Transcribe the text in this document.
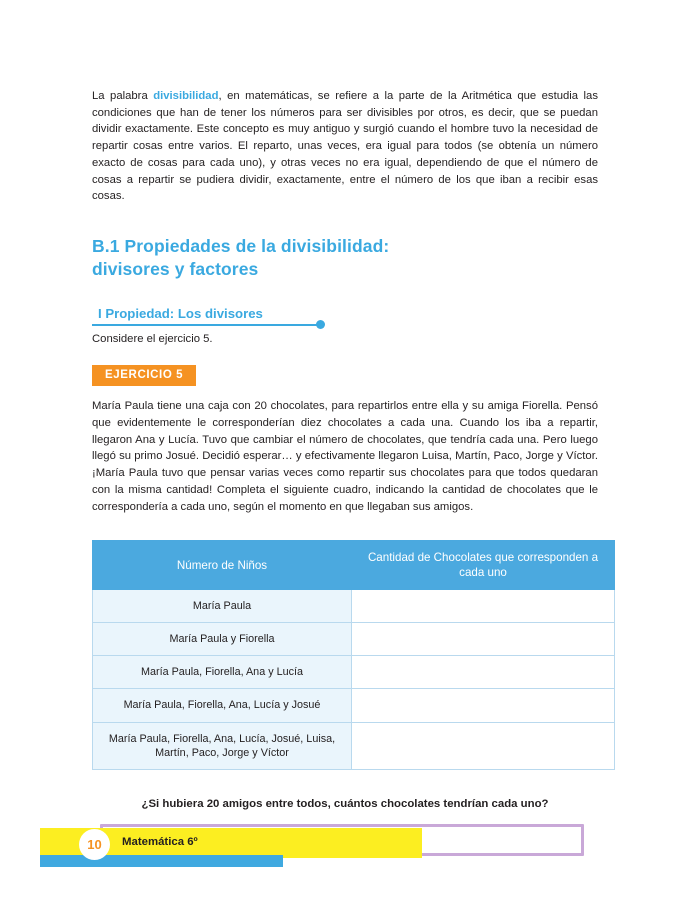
La palabra divisibilidad, en matemáticas, se refiere a la parte de la Aritmética que estudia las condiciones que han de tener los números para ser divisibles por otros, es decir, que se puedan dividir exactamente. Este concepto es muy antiguo y surgió cuando el hombre tuvo la necesidad de repartir cosas entre varios. El reparto, unas veces, era igual para todos (se obtenía un número exacto de cosas para cada uno), y otras veces no era igual, dependiendo de que el número de cosas a repartir se pudiera dividir, exactamente, entre el número de los que iban a recibir esas cosas.

B.1 Propiedades de la divisibilidad:
divisores y factores
I Propiedad: Los divisores

Considere el ejercicio 5.

EJERCICIO 5

María Paula tiene una caja con 20 chocolates, para repartirlos entre ella y su amiga Fiorella. Pensó que evidentemente le corresponderían diez chocolates a cada una. Cuando los iba a repartir, llegaron Ana y Lucía. Tuvo que cambiar el número de chocolates, que tendría cada una. Pero luego llegó su primo Josué. Decidió esperar… y efectivamente llegaron Luisa, Martín, Paco, Jorge y Víctor. ¡María Paula tuvo que pensar varias veces como repartir sus chocolates para que todos quedaran con la misma cantidad! Completa el siguiente cuadro, indicando la cantidad de chocolates que le correspondería a cada uno, según el momento en que llegaban sus amigos.

Número de Niños	Cantidad de Chocolates que corresponden a cada uno
María Paula	
María Paula y Fiorella	
María Paula, Fiorella, Ana y Lucía	
María Paula, Fiorella, Ana, Lucía y Josué	
María Paula, Fiorella, Ana, Lucía, Josué, Luisa, Martín, Paco, Jorge y Víctor	

¿Si hubiera 20 amigos entre todos, cuántos chocolates tendrían cada uno?

10	Matemática 6º
